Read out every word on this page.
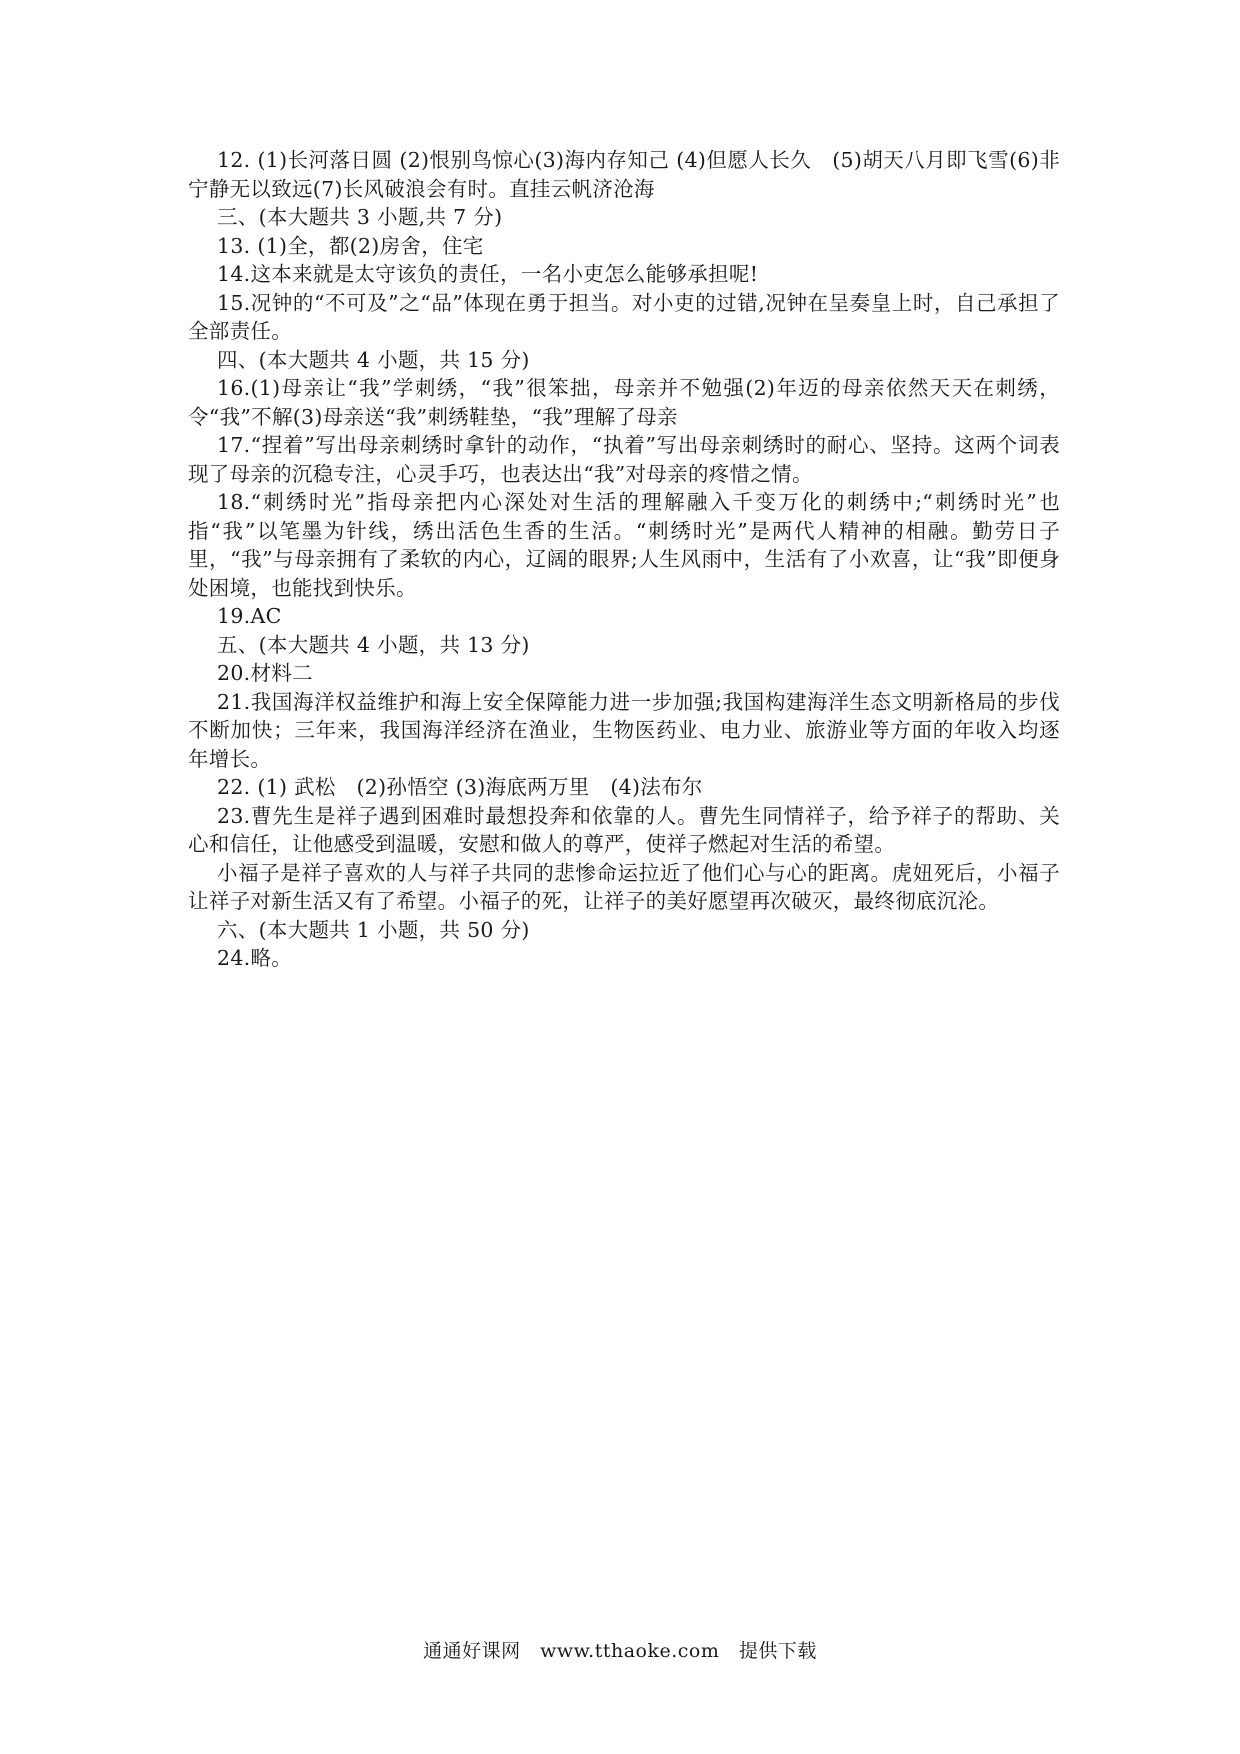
12. (1)长河落日圆 (2)恨别鸟惊心(3)海内存知己 (4)但愿人长久　(5)胡天八月即飞雪(6)非宁静无以致远(7)长风破浪会有时。直挂云帆济沧海

三、(本大题共 3 小题,共 7 分)

13. (1)全，都(2)房舍，住宅

14.这本来就是太守该负的责任，一名小吏怎么能够承担呢!

15.况钟的“不可及”之“品”体现在勇于担当。对小吏的过错,况钟在呈奏皇上时，自己承担了全部责任。

四、(本大题共 4 小题，共 15 分)

16.(1)母亲让“我”学刺绣，“我”很笨拙，母亲并不勉强(2)年迈的母亲依然天天在刺绣，令“我”不解(3)母亲送“我”刺绣鞋垫，“我”理解了母亲

17.“捏着”写出母亲刺绣时拿针的动作，“执着”写出母亲刺绣时的耐心、坚持。这两个词表现了母亲的沉稳专注，心灵手巧，也表达出“我”对母亲的疼惜之情。

18.“刺绣时光”指母亲把内心深处对生活的理解融入千变万化的刺绣中;“刺绣时光”也指“我”以笔墨为针线，绣出活色生香的生活。“刺绣时光”是两代人精神的相融。勤劳日子里，“我”与母亲拥有了柔软的内心，辽阔的眼界;人生风雨中，生活有了小欢喜，让“我”即便身处困境，也能找到快乐。

19.AC

五、(本大题共 4 小题，共 13 分)

20.材料二

21.我国海洋权益维护和海上安全保障能力进一步加强;我国构建海洋生态文明新格局的步伐不断加快；三年来，我国海洋经济在渔业，生物医药业、电力业、旅游业等方面的年收入均逐年增长。

22. (1) 武松　(2)孙悟空 (3)海底两万里　(4)法布尔

23.曹先生是祥子遇到困难时最想投奔和依靠的人。曹先生同情祥子，给予祥子的帮助、关心和信任，让他感受到温暖，安慰和做人的尊严，使祥子燃起对生活的希望。

小福子是祥子喜欢的人与祥子共同的悲惨命运拉近了他们心与心的距离。虎妞死后，小福子让祥子对新生活又有了希望。小福子的死，让祥子的美好愿望再次破灭，最终彻底沉沦。

六、(本大题共 1 小题，共 50 分)

24.略。

通通好课网　www.tthaoke.com　提供下载
